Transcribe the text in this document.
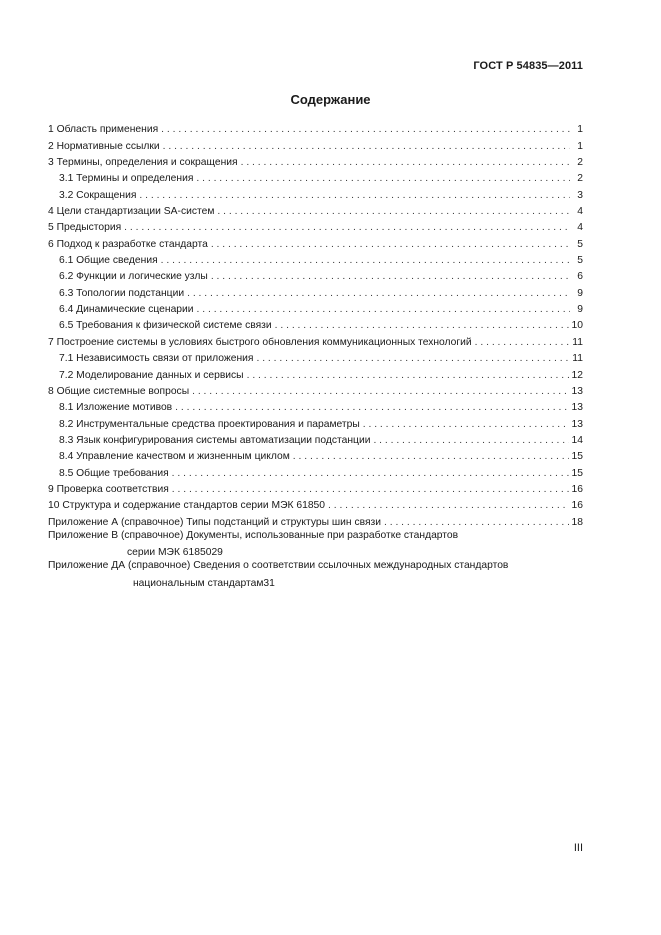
ГОСТ Р 54835—2011
Содержание
1 Область применения . . .	1
2 Нормативные ссылки . . .	1
3 Термины, определения и сокращения . . .	2
3.1 Термины и определения . . .	2
3.2 Сокращения . . .	3
4 Цели стандартизации SA-систем . . .	4
5 Предыстория . . .	4
6 Подход к разработке стандарта . . .	5
6.1 Общие сведения . . .	5
6.2 Функции и логические узлы . . .	6
6.3 Топологии подстанции . . .	9
6.4 Динамические сценарии . . .	9
6.5 Требования к физической системе связи . . .	10
7 Построение системы в условиях быстрого обновления коммуникационных технологий . . .	11
7.1 Независимость связи от приложения . . .	11
7.2 Моделирование данных и сервисы . . .	12
8 Общие системные вопросы . . .	13
8.1 Изложение мотивов . . .	13
8.2 Инструментальные средства проектирования и параметры . . .	13
8.3 Язык конфигурирования системы автоматизации подстанции . . .	14
8.4 Управление качеством и жизненным циклом . . .	15
8.5 Общие требования . . .	15
9 Проверка соответствия . . .	16
10 Структура и содержание стандартов серии МЭК 61850 . . .	16
Приложение А (справочное) Типы подстанций и структуры шин связи . . .	18
Приложение В (справочное) Документы, использованные при разработке стандартов
серии МЭК 61850 29
Приложение ДА (справочное) Сведения о соответствии ссылочных международных стандартов
национальным стандартам 31
III
